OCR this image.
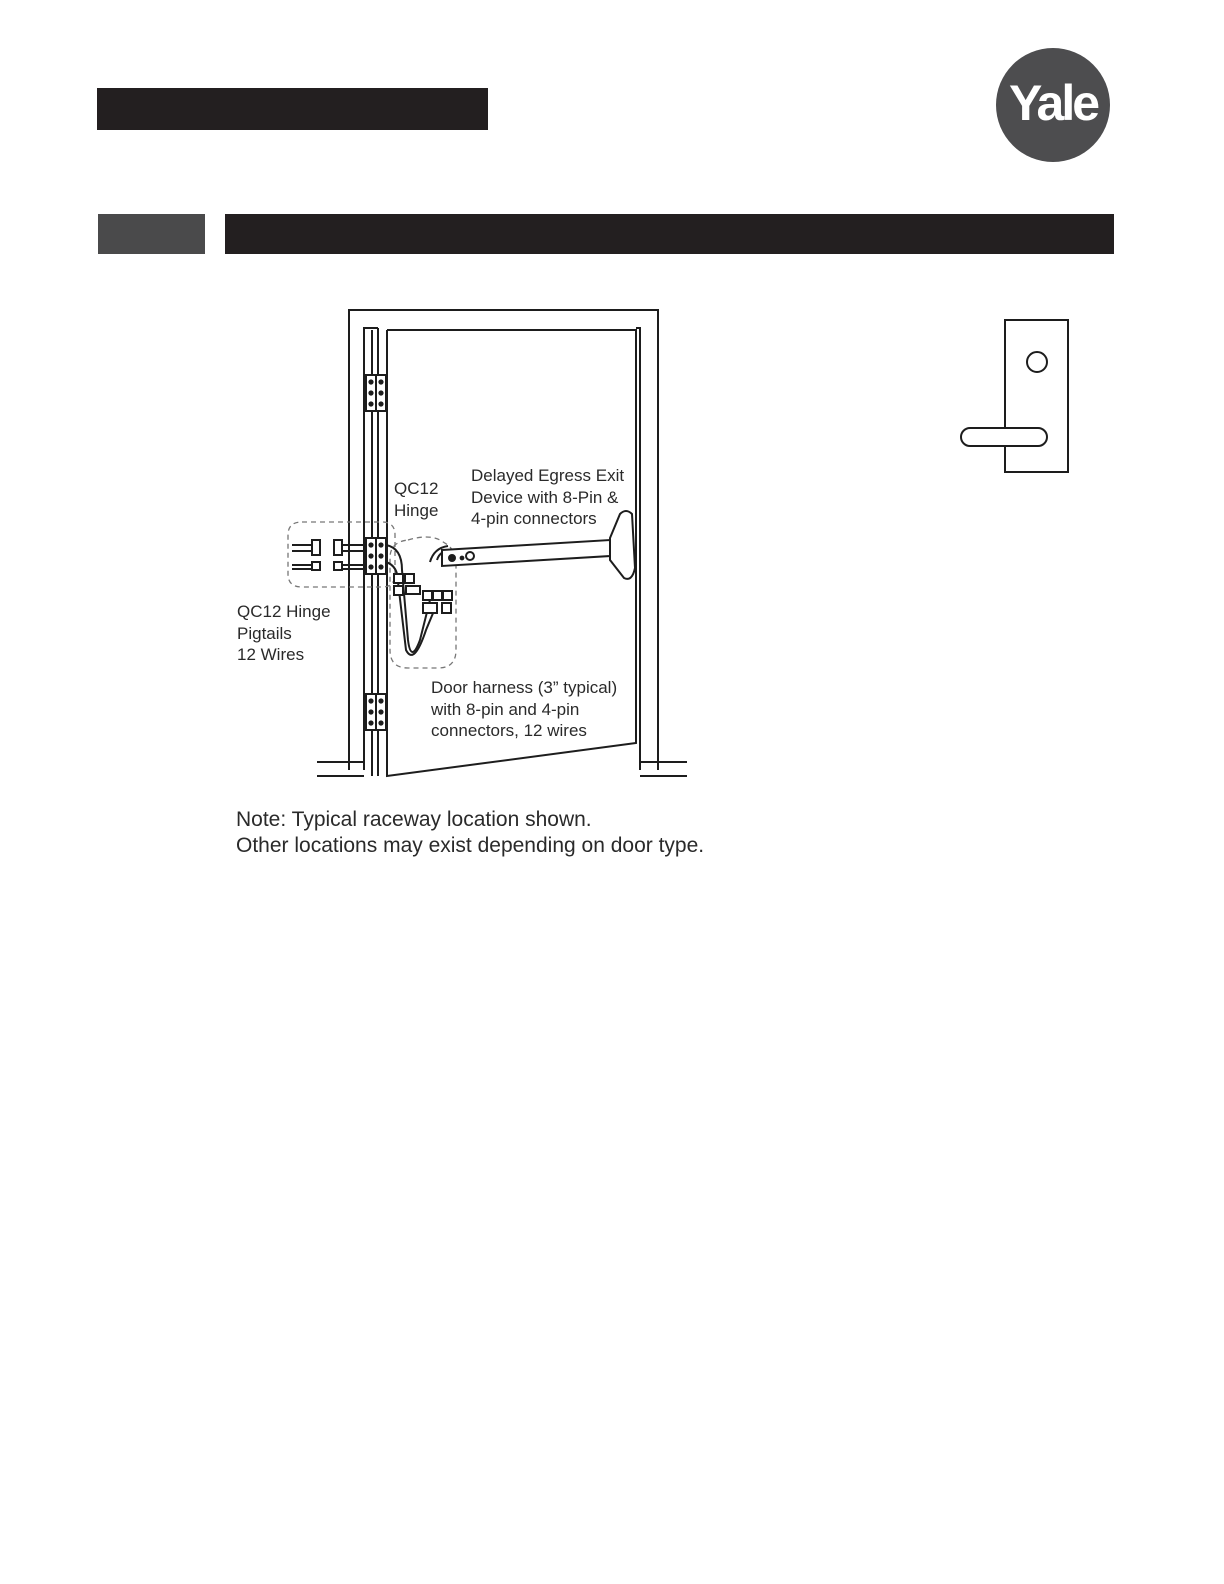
Yale
QC12
Hinge
Delayed Egress Exit
Device with 8-Pin &
4-pin connectors
QC12 Hinge
Pigtails
12 Wires
Door harness (3” typical)
with 8-pin and 4-pin
connectors, 12 wires
Note: Typical raceway location shown.
Other locations may exist depending on door type.
